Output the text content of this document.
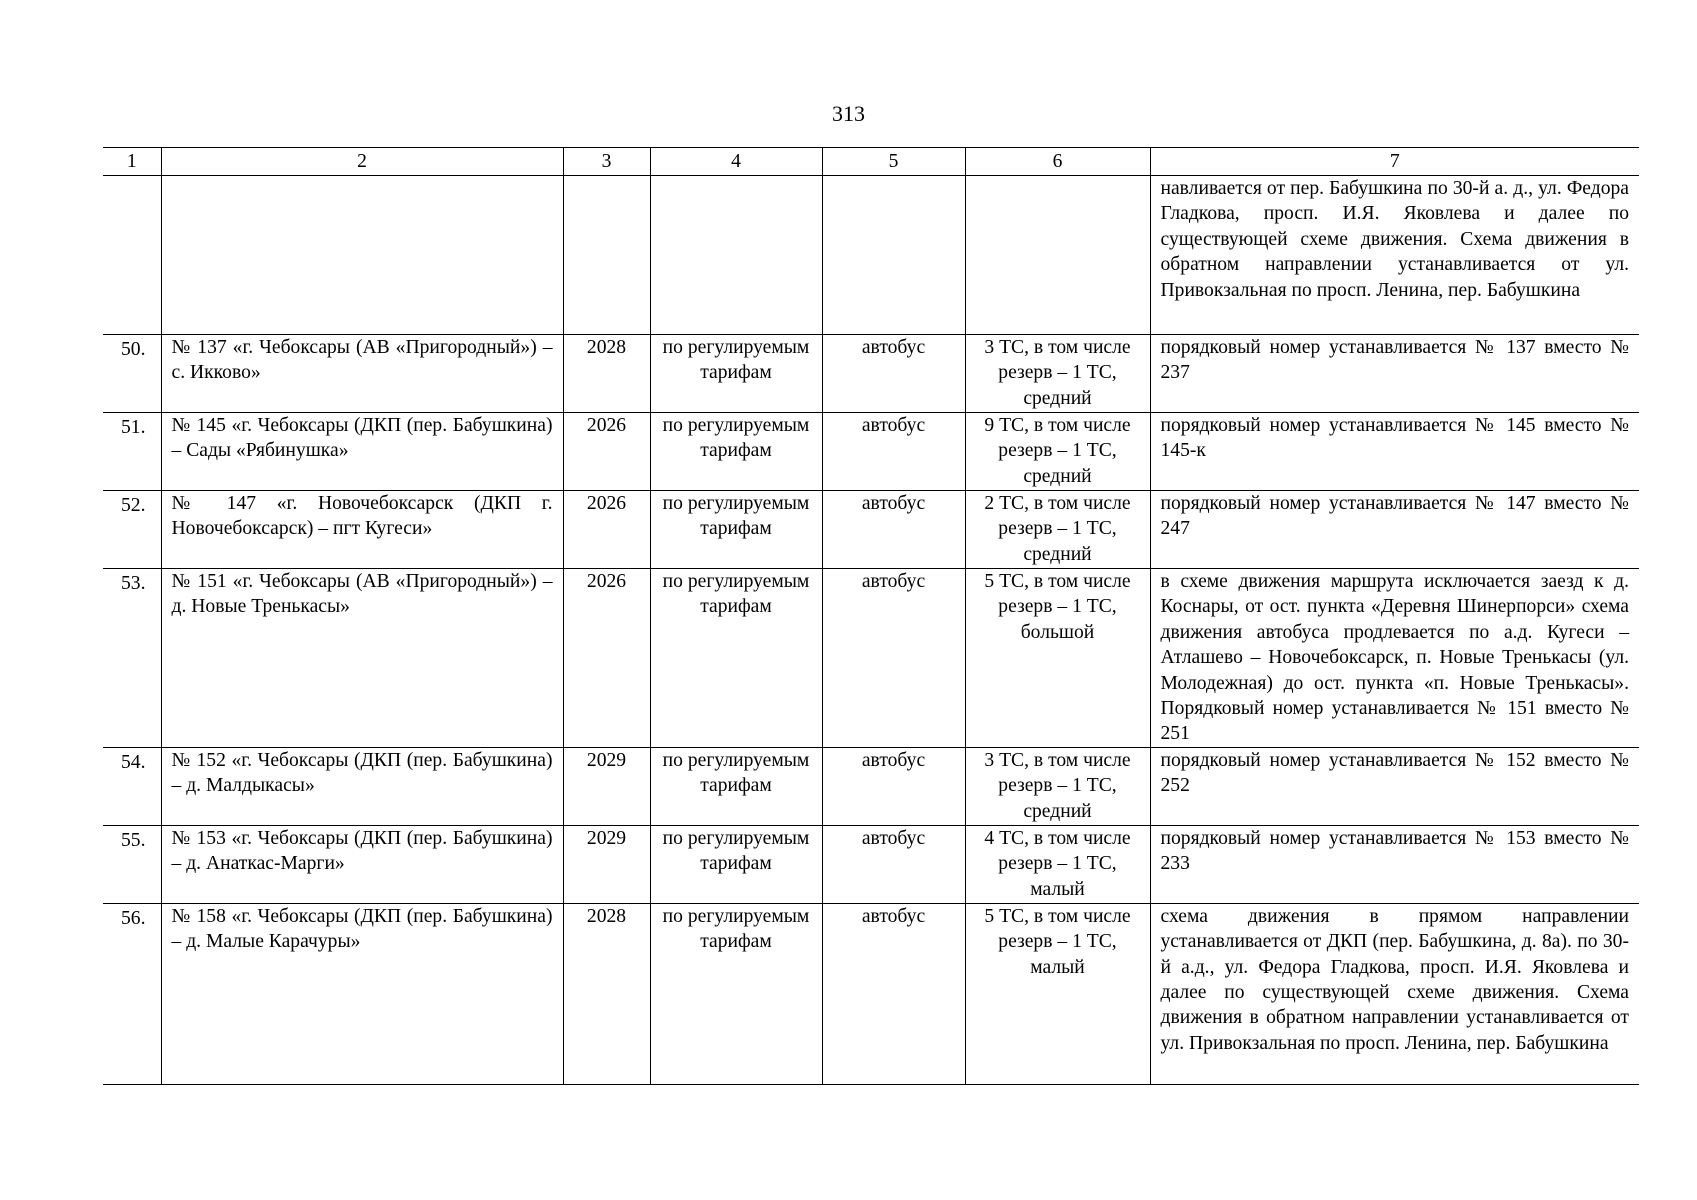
313
1	2	3	4	5	6	7
						навливается от пер. Бабушкина по 30-й а. д., ул. Федора Гладкова, просп. И.Я. Яковлева и далее по существующей схеме движения. Схема движения в обратном направлении устанавливается от ул. Привокзальная по просп. Ленина, пер. Бабушкина
50.	№ 137 «г. Чебоксары (АВ «Пригородный») – с. Икково»	2028	по регулируемым тарифам	автобус	3 ТС, в том числе резерв – 1 ТС, средний	порядковый номер устанавливается № 137 вместо № 237
51.	№ 145 «г. Чебоксары (ДКП (пер. Бабушкина) – Сады «Рябинушка»	2026	по регулируемым тарифам	автобус	9 ТС, в том числе резерв – 1 ТС, средний	порядковый номер устанавливается № 145 вместо № 145-к
52.	№ 147 «г. Новочебоксарск (ДКП г. Новочебоксарск) – пгт Кугеси»	2026	по регулируемым тарифам	автобус	2 ТС, в том числе резерв – 1 ТС, средний	порядковый номер устанавливается № 147 вместо № 247
53.	№ 151 «г. Чебоксары (АВ «Пригородный») – д. Новые Тренькасы»	2026	по регулируемым тарифам	автобус	5 ТС, в том числе резерв – 1 ТС, большой	в схеме движения маршрута исключается заезд к д. Коснары, от ост. пункта «Деревня Шинерпорси» схема движения автобуса продлевается по а.д. Кугеси – Атлашево – Новочебоксарск, п. Новые Тренькасы (ул. Молодежная) до ост. пункта «п. Новые Тренькасы». Порядковый номер устанавливается № 151 вместо № 251
54.	№ 152 «г. Чебоксары (ДКП (пер. Бабушкина) – д. Малдыкасы»	2029	по регулируемым тарифам	автобус	3 ТС, в том числе резерв – 1 ТС, средний	порядковый номер устанавливается № 152 вместо № 252
55.	№ 153 «г. Чебоксары (ДКП (пер. Бабушкина) – д. Анаткас-Марги»	2029	по регулируемым тарифам	автобус	4 ТС, в том числе резерв – 1 ТС, малый	порядковый номер устанавливается № 153 вместо № 233
56.	№ 158 «г. Чебоксары (ДКП (пер. Бабушкина) – д. Малые Карачуры»	2028	по регулируемым тарифам	автобус	5 ТС, в том числе резерв – 1 ТС, малый	схема движения в прямом направлении устанавливается от ДКП (пер. Бабушкина, д. 8а). по 30-й а.д., ул. Федора Гладкова, просп. И.Я. Яковлева и далее по существующей схеме движения. Схема движения в обратном направлении устанавливается от ул. Привокзальная по просп. Ленина, пер. Бабушкина
